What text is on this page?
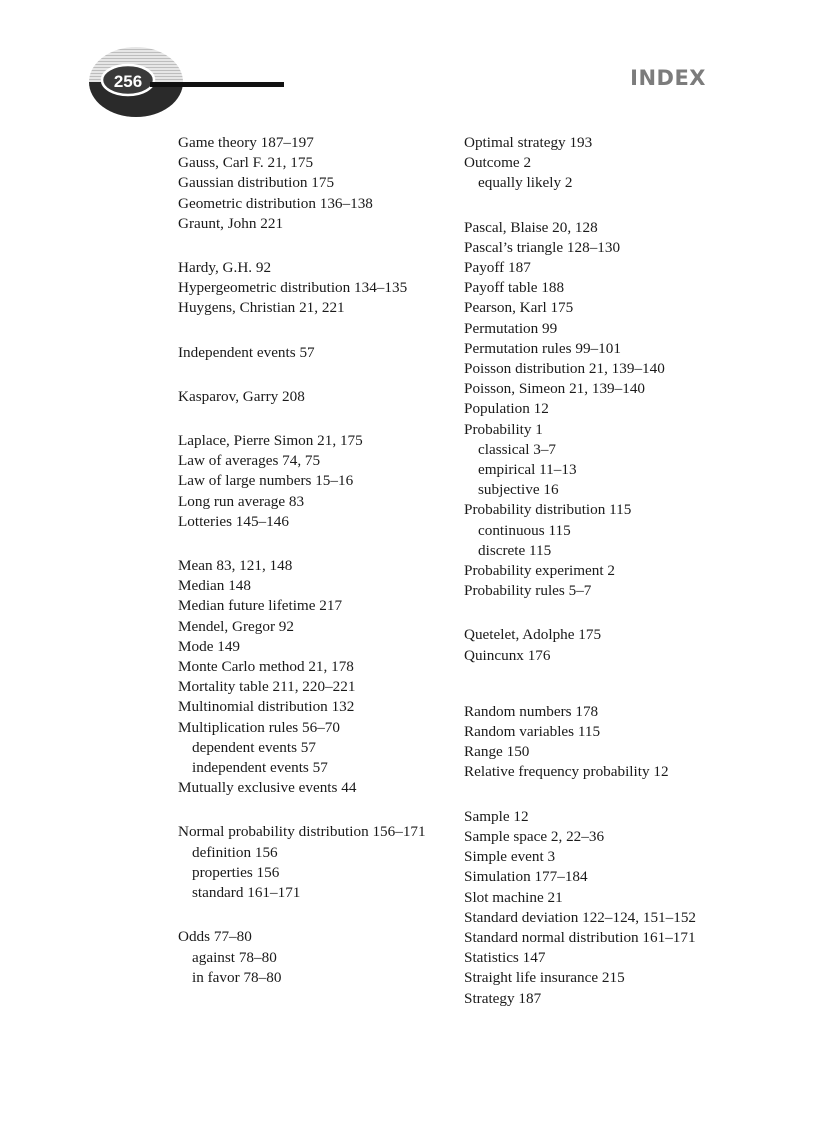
256	INDEX
Game theory 187–197
Gauss, Carl F. 21, 175
Gaussian distribution 175
Geometric distribution 136–138
Graunt, John 221
Hardy, G.H. 92
Hypergeometric distribution 134–135
Huygens, Christian 21, 221
Independent events 57
Kasparov, Garry 208
Laplace, Pierre Simon 21, 175
Law of averages 74, 75
Law of large numbers 15–16
Long run average 83
Lotteries 145–146
Mean 83, 121, 148
Median 148
Median future lifetime 217
Mendel, Gregor 92
Mode 149
Monte Carlo method 21, 178
Mortality table 211, 220–221
Multinomial distribution 132
Multiplication rules 56–70
dependent events 57
independent events 57
Mutually exclusive events 44
Normal probability distribution 156–171
definition 156
properties 156
standard 161–171
Odds 77–80
against 78–80
in favor 78–80
Optimal strategy 193
Outcome 2
equally likely 2
Pascal, Blaise 20, 128
Pascal’s triangle 128–130
Payoff 187
Payoff table 188
Pearson, Karl 175
Permutation 99
Permutation rules 99–101
Poisson distribution 21, 139–140
Poisson, Simeon 21, 139–140
Population 12
Probability 1
classical 3–7
empirical 11–13
subjective 16
Probability distribution 115
continuous 115
discrete 115
Probability experiment 2
Probability rules 5–7
Quetelet, Adolphe 175
Quincunx 176
Random numbers 178
Random variables 115
Range 150
Relative frequency probability 12
Sample 12
Sample space 2, 22–36
Simple event 3
Simulation 177–184
Slot machine 21
Standard deviation 122–124, 151–152
Standard normal distribution 161–171
Statistics 147
Straight life insurance 215
Strategy 187
